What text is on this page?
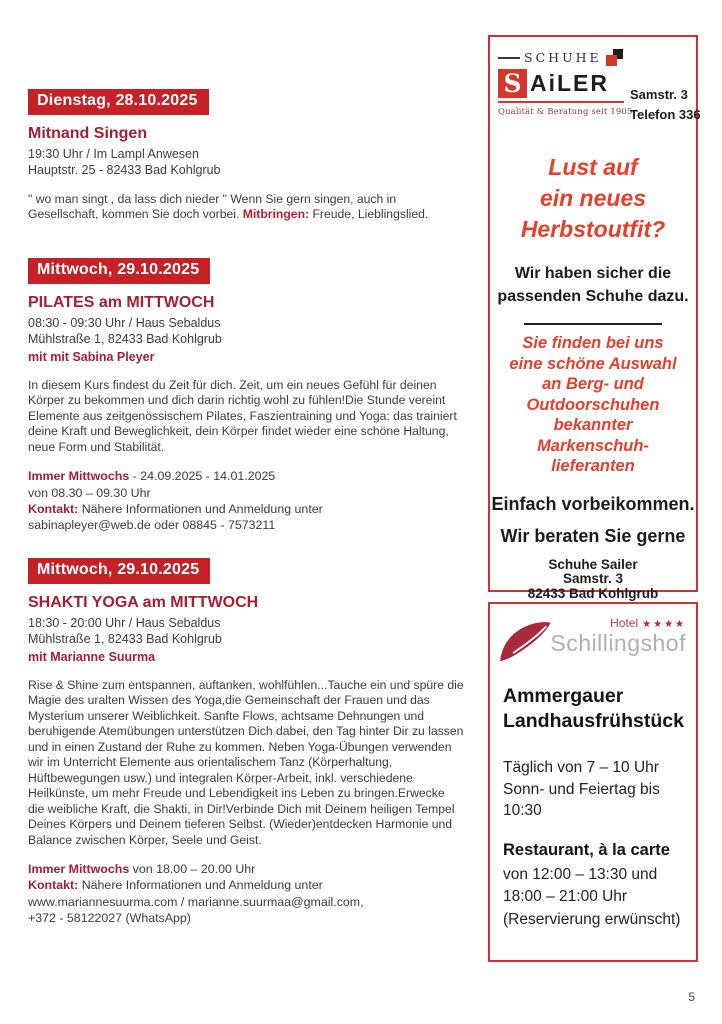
Dienstag, 28.10.2025
Mitnand Singen
19:30 Uhr / Im Lampl Anwesen
Hauptstr. 25 - 82433 Bad Kohlgrub
" wo man singt , da lass dich nieder " Wenn Sie gern singen, auch in Gesellschaft, kommen Sie doch vorbei. Mitbringen: Freude, Lieblingslied.
Mittwoch, 29.10.2025
PILATES am MITTWOCH
08:30 - 09:30 Uhr / Haus Sebaldus
Mühlstraße 1, 82433 Bad Kohlgrub
mit mit Sabina Pleyer
In diesem Kurs findest du Zeit für dich. Zeit, um ein neues Gefühl für deinen Körper zu bekommen und dich darin richtig wohl zu fühlen!Die Stunde vereint Elemente aus zeitgenössischem Pilates, Faszientraining und Yoga: das trainiert deine Kraft und Beweglichkeit, dein Körper findet wieder eine schöne Haltung, neue Form und Stabilität.
Immer Mittwochs - 24.09.2025 - 14.01.2025
von 08.30 – 09.30 Uhr
Kontakt: Nähere Informationen und Anmeldung unter
sabinapleyer@web.de oder 08845 - 7573211
Mittwoch, 29.10.2025
SHAKTI YOGA am MITTWOCH
18:30 - 20:00 Uhr / Haus Sebaldus
Mühlstraße 1, 82433 Bad Kohlgrub
mit Marianne Suurma
Rise & Shine zum entspannen, auftanken, wohlfühlen...Tauche ein und spüre die Magie des uralten Wissen des Yoga,die Gemeinschaft der Frauen und das Mysterium unserer Weiblichkeit. Sanfte Flows, achtsame Dehnungen und beruhigende Atemübungen unterstützen Dich dabei, den Tag hinter Dir zu lassen und in einen Zustand der Ruhe zu kommen. Neben Yoga-Übungen verwenden wir im Unterricht Elemente aus orientalischem Tanz (Körperhaltung, Hüftbewegungen usw.) und integralen Körper-Arbeit, inkl. verschiedene Heilkünste, um mehr Freude und Lebendigkeit ins Leben zu bringen.Erwecke die weibliche Kraft, die Shakti, in Dir!Verbinde Dich mit Deinem heiligen Tempel Deines Körpers und Deinem tieferen Selbst. (Wieder)entdecken Harmonie und Balance zwischen Körper, Seele und Geist.
Immer Mittwochs von 18.00 – 20.00 Uhr
Kontakt: Nähere Informationen und Anmeldung unter
www.mariannesuurma.com / marianne.suurmaa@gmail.com,
+372 - 58122027 (WhatsApp)
SCHUHE
S AiLER
Qualität & Beratung seit 1905
Samstr. 3
Telefon 336
Lust auf
ein neues
Herbstoutfit?
Wir haben sicher die
passenden Schuhe dazu.
Sie finden bei uns
eine schöne Auswahl
an Berg- und
Outdoorschuhen
bekannter
Markenschuh-
lieferanten
Einfach vorbeikommen.
Wir beraten Sie gerne
Schuhe Sailer
Samstr. 3
82433 Bad Kohlgrub
Hotel ★★★★
Schillingshof
Ammergauer
Landhausfrühstück
Täglich von 7 – 10 Uhr
Sonn- und Feiertag bis
10:30
Restaurant, à la carte
von 12:00 – 13:30 und
18:00 – 21:00 Uhr
(Reservierung erwünscht)
5
